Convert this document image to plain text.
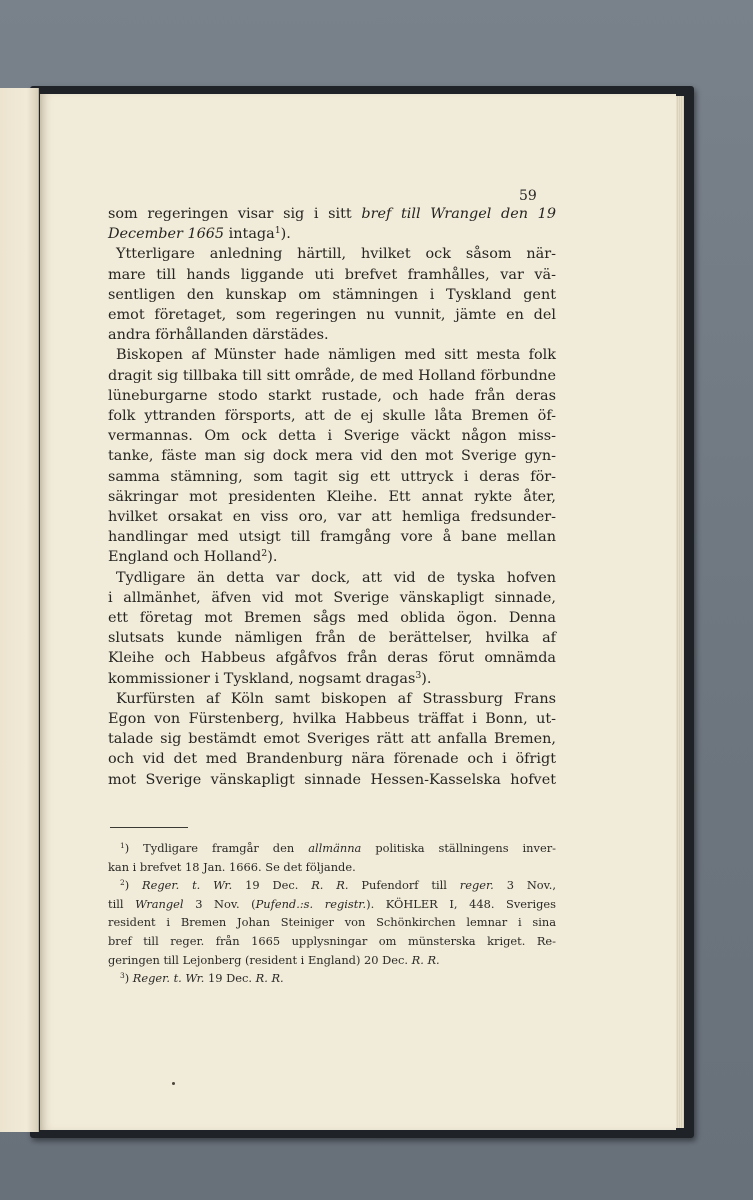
59
som regeringen visar sig i sitt bref till Wrangel den 19
December 1665 intaga$^1$).
Ytterligare anledning härtill, hvilket ock såsom när-
mare till hands liggande uti brefvet framhålles, var vä-
sentligen den kunskap om stämningen i Tyskland gent
emot företaget, som regeringen nu vunnit, jämte en del
andra förhållanden därstädes.
Biskopen af Münster hade nämligen med sitt mesta folk
dragit sig tillbaka till sitt område, de med Holland förbundne
lüneburgarne stodo starkt rustade, och hade från deras
folk yttranden försports, att de ej skulle låta Bremen öf-
vermannas. Om ock detta i Sverige väckt någon miss-
tanke, fäste man sig dock mera vid den mot Sverige gyn-
samma stämning, som tagit sig ett uttryck i deras för-
säkringar mot presidenten Kleihe. Ett annat rykte åter,
hvilket orsakat en viss oro, var att hemliga fredsunder-
handlingar med utsigt till framgång vore å bane mellan
England och Holland$^2$).
Tydligare än detta var dock, att vid de tyska hofven
i allmänhet, äfven vid mot Sverige vänskapligt sinnade,
ett företag mot Bremen sågs med oblida ögon. Denna
slutsats kunde nämligen från de berättelser, hvilka af
Kleihe och Habbeus afgåfvos från deras förut omnämda
kommissioner i Tyskland, nogsamt dragas$^3$).
Kurfürsten af Köln samt biskopen af Strassburg Frans
Egon von Fürstenberg, hvilka Habbeus träffat i Bonn, ut-
talade sig bestämdt emot Sveriges rätt att anfalla Bremen,
och vid det med Brandenburg nära förenade och i öfrigt
mot Sverige vänskapligt sinnade Hessen-Kasselska hofvet
$^1$) Tydligare framgår den allmänna politiska ställningens inver-
kan i brefvet 18 Jan. 1666. Se det följande.
$^2$) Reger. t. Wr. 19 Dec. R. R. Pufendorf till reger. 3 Nov.,
till Wrangel 3 Nov. (Pufend.:s. registr.). KÖHLER I, 448. Sveriges
resident i Bremen Johan Steiniger von Schönkirchen lemnar i sina
bref till reger. från 1665 upplysningar om münsterska kriget. Re-
geringen till Lejonberg (resident i England) 20 Dec. R. R.
$^3$) Reger. t. Wr. 19 Dec. R. R.
